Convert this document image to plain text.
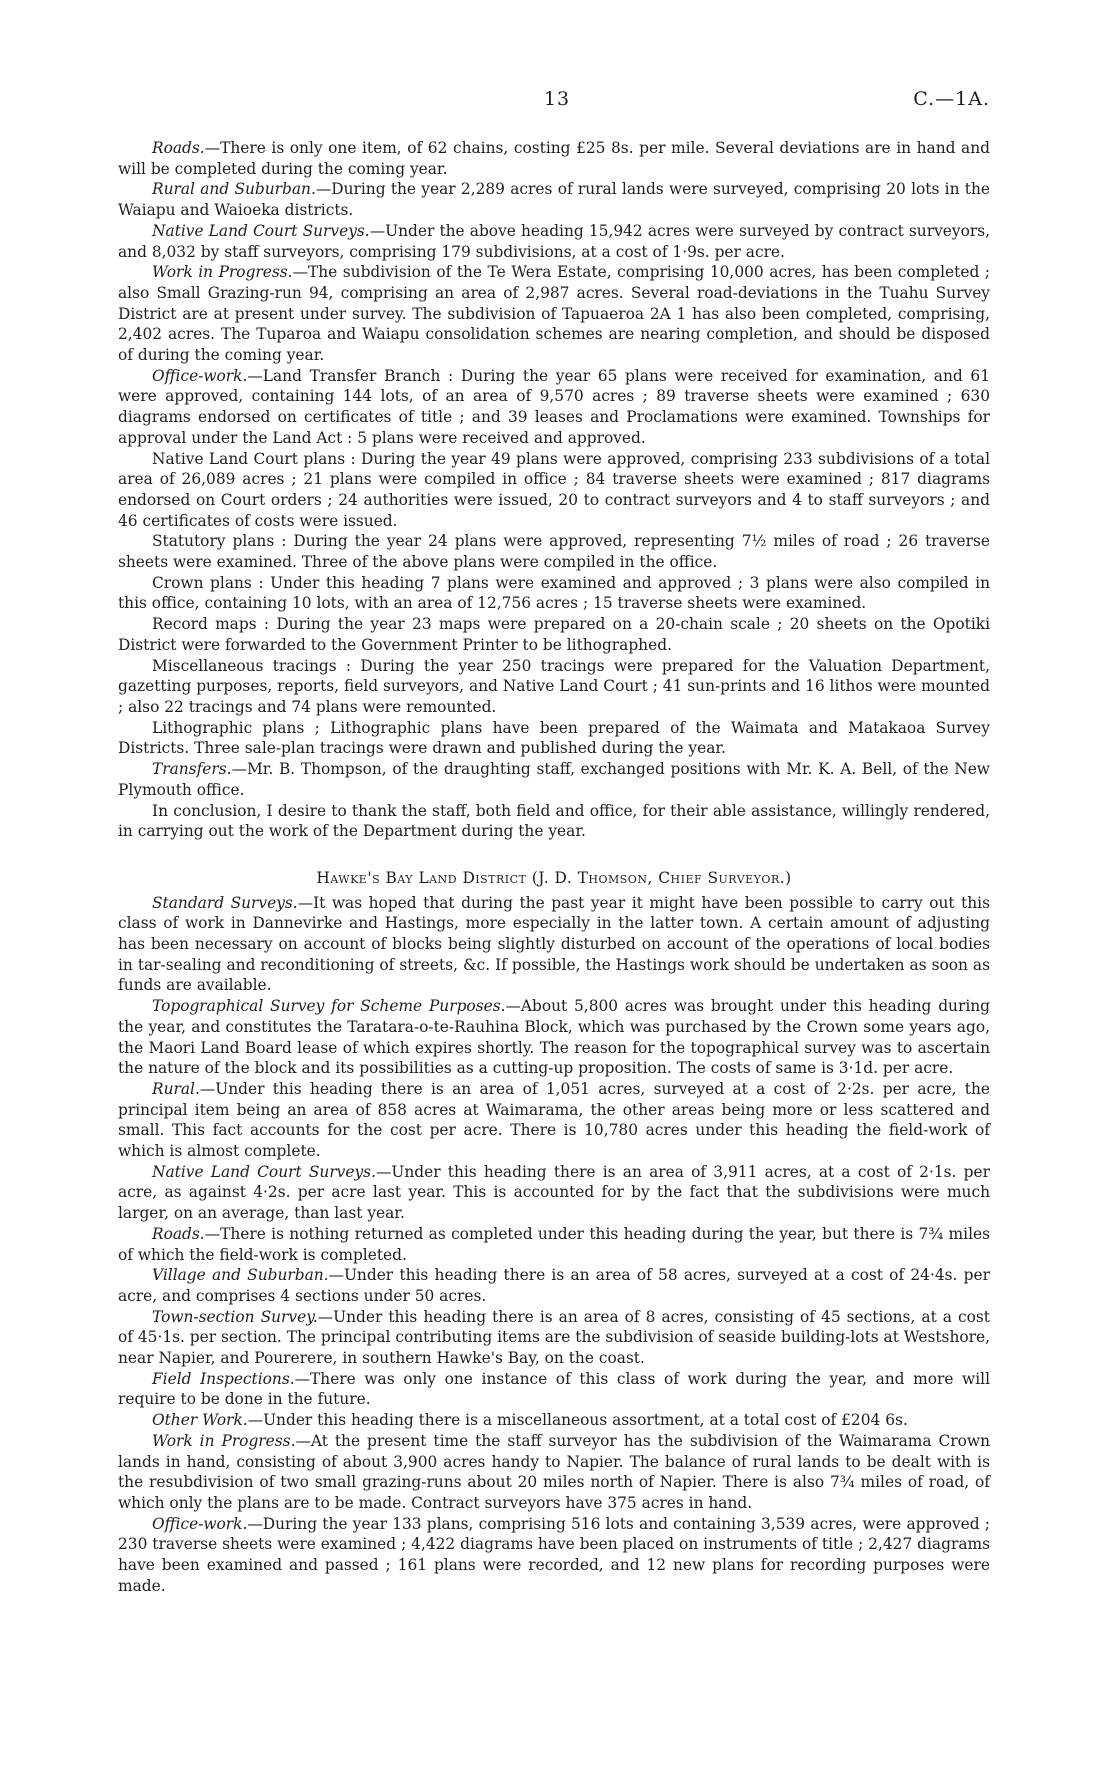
13	C.—1A.

Roads.—There is only one item, of 62 chains, costing £25 8s. per mile. Several deviations are in hand and will be completed during the coming year.

Rural and Suburban.—During the year 2,289 acres of rural lands were surveyed, comprising 20 lots in the Waiapu and Waioeka districts.

Native Land Court Surveys.—Under the above heading 15,942 acres were surveyed by contract surveyors, and 8,032 by staff surveyors, comprising 179 subdivisions, at a cost of 1·9s. per acre.

Work in Progress.—The subdivision of the Te Wera Estate, comprising 10,000 acres, has been completed ; also Small Grazing-run 94, comprising an area of 2,987 acres. Several road-deviations in the Tuahu Survey District are at present under survey. The subdivision of Tapuaeroa 2A 1 has also been completed, comprising, 2,402 acres. The Tuparoa and Waiapu consolidation schemes are nearing completion, and should be disposed of during the coming year.

Office-work.—Land Transfer Branch : During the year 65 plans were received for examination, and 61 were approved, containing 144 lots, of an area of 9,570 acres ; 89 traverse sheets were examined ; 630 diagrams endorsed on certificates of title ; and 39 leases and Proclamations were examined. Townships for approval under the Land Act : 5 plans were received and approved.

Native Land Court plans : During the year 49 plans were approved, comprising 233 subdivisions of a total area of 26,089 acres ; 21 plans were compiled in office ; 84 traverse sheets were examined ; 817 diagrams endorsed on Court orders ; 24 authorities were issued, 20 to contract surveyors and 4 to staff surveyors ; and 46 certificates of costs were issued.

Statutory plans : During the year 24 plans were approved, representing 7½ miles of road ; 26 traverse sheets were examined. Three of the above plans were compiled in the office.

Crown plans : Under this heading 7 plans were examined and approved ; 3 plans were also compiled in this office, containing 10 lots, with an area of 12,756 acres ; 15 traverse sheets were examined.

Record maps : During the year 23 maps were prepared on a 20-chain scale ; 20 sheets on the Opotiki District were forwarded to the Government Printer to be lithographed.

Miscellaneous tracings : During the year 250 tracings were prepared for the Valuation Department, gazetting purposes, reports, field surveyors, and Native Land Court ; 41 sun-prints and 16 lithos were mounted ; also 22 tracings and 74 plans were remounted.

Lithographic plans ; Lithographic plans have been prepared of the Waimata and Matakaoa Survey Districts. Three sale-plan tracings were drawn and published during the year.

Transfers.—Mr. B. Thompson, of the draughting staff, exchanged positions with Mr. K. A. Bell, of the New Plymouth office.

In conclusion, I desire to thank the staff, both field and office, for their able assistance, willingly rendered, in carrying out the work of the Department during the year.

Hawke's Bay Land District (J. D. Thomson, Chief Surveyor.)

Standard Surveys.—It was hoped that during the past year it might have been possible to carry out this class of work in Dannevirke and Hastings, more especially in the latter town. A certain amount of adjusting has been necessary on account of blocks being slightly disturbed on account of the operations of local bodies in tar-sealing and reconditioning of streets, &c. If possible, the Hastings work should be undertaken as soon as funds are available.

Topographical Survey for Scheme Purposes.—About 5,800 acres was brought under this heading during the year, and constitutes the Taratara-o-te-Rauhina Block, which was purchased by the Crown some years ago, the Maori Land Board lease of which expires shortly. The reason for the topographical survey was to ascertain the nature of the block and its possibilities as a cutting-up proposition. The costs of same is 3·1d. per acre.

Rural.—Under this heading there is an area of 1,051 acres, surveyed at a cost of 2·2s. per acre, the principal item being an area of 858 acres at Waimarama, the other areas being more or less scattered and small. This fact accounts for the cost per acre. There is 10,780 acres under this heading the field-work of which is almost complete.

Native Land Court Surveys.—Under this heading there is an area of 3,911 acres, at a cost of 2·1s. per acre, as against 4·2s. per acre last year. This is accounted for by the fact that the subdivisions were much larger, on an average, than last year.

Roads.—There is nothing returned as completed under this heading during the year, but there is 7¾ miles of which the field-work is completed.

Village and Suburban.—Under this heading there is an area of 58 acres, surveyed at a cost of 24·4s. per acre, and comprises 4 sections under 50 acres.

Town-section Survey.—Under this heading there is an area of 8 acres, consisting of 45 sections, at a cost of 45·1s. per section. The principal contributing items are the subdivision of seaside building-lots at Westshore, near Napier, and Pourerere, in southern Hawke's Bay, on the coast.

Field Inspections.—There was only one instance of this class of work during the year, and more will require to be done in the future.

Other Work.—Under this heading there is a miscellaneous assortment, at a total cost of £204 6s.

Work in Progress.—At the present time the staff surveyor has the subdivision of the Waimarama Crown lands in hand, consisting of about 3,900 acres handy to Napier. The balance of rural lands to be dealt with is the resubdivision of two small grazing-runs about 20 miles north of Napier. There is also 7¾ miles of road, of which only the plans are to be made. Contract surveyors have 375 acres in hand.

Office-work.—During the year 133 plans, comprising 516 lots and containing 3,539 acres, were approved ; 230 traverse sheets were examined ; 4,422 diagrams have been placed on instruments of title ; 2,427 diagrams have been examined and passed ; 161 plans were recorded, and 12 new plans for recording purposes were made.
